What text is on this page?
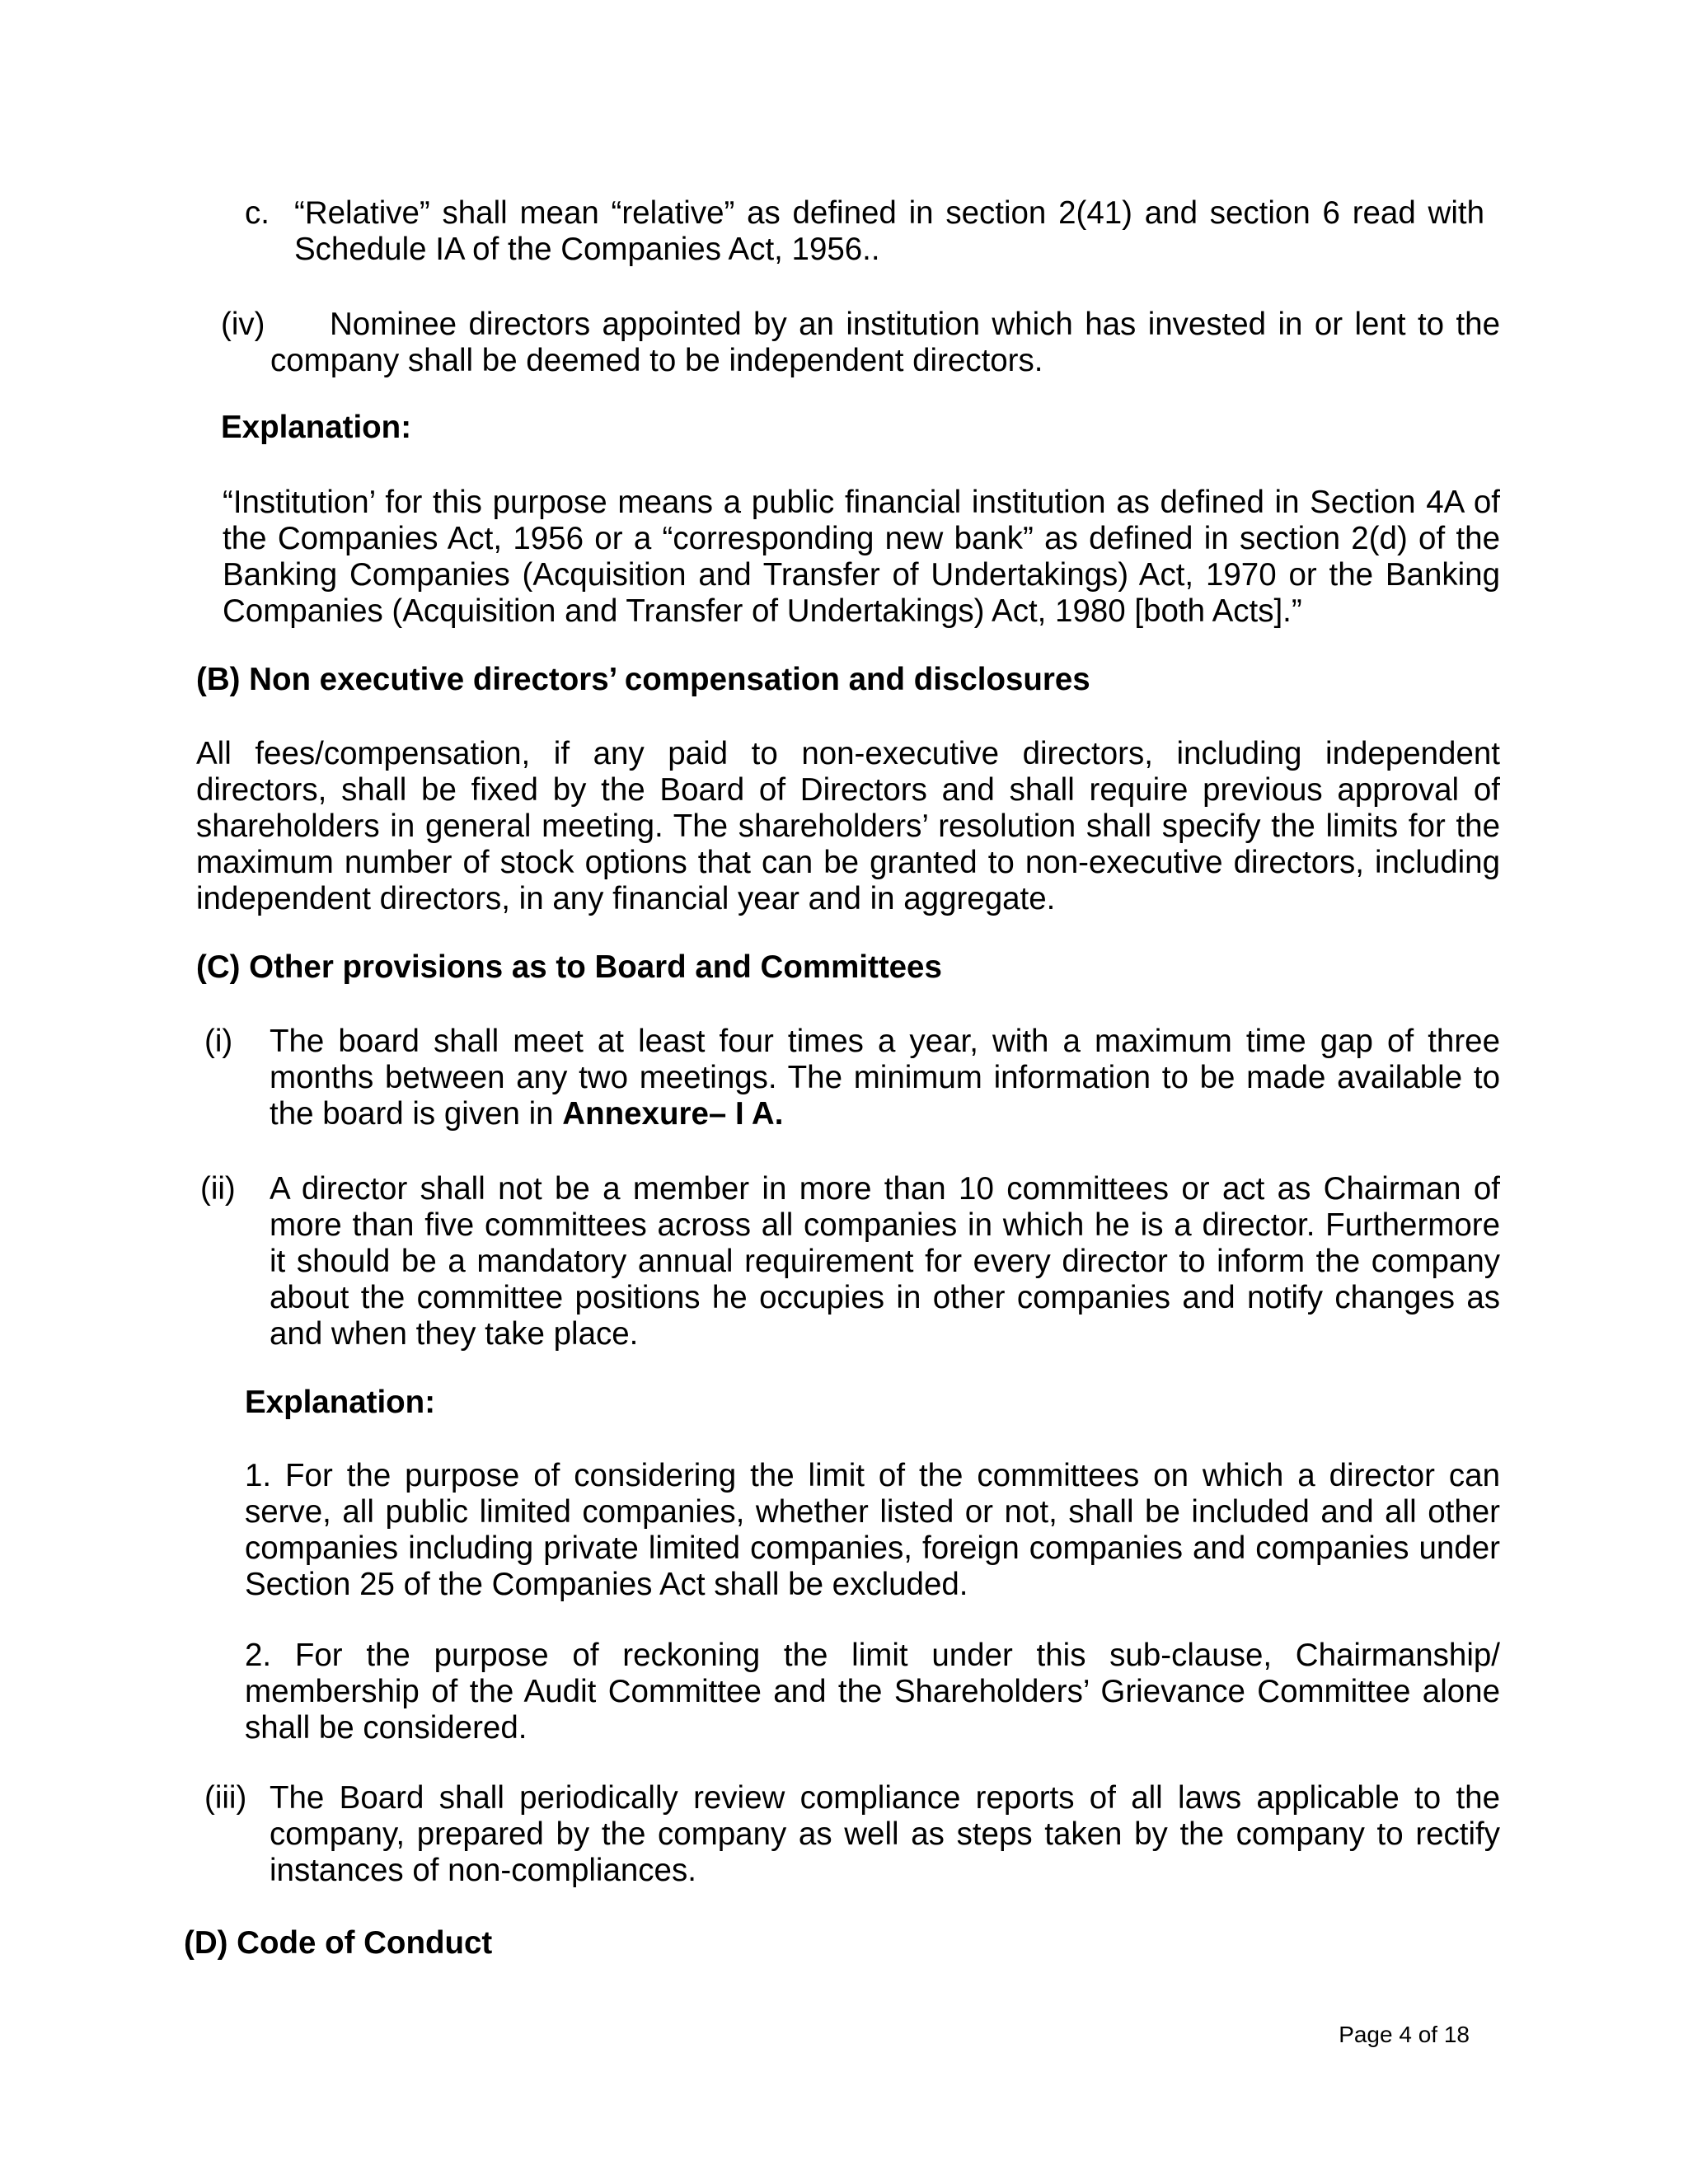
c. “Relative” shall mean “relative” as defined in section 2(41) and section 6 read with Schedule IA of the Companies Act, 1956..

(iv)	Nominee directors appointed by an institution which has invested in or lent to the company shall be deemed to be independent directors.

Explanation:

“Institution’ for this purpose means a public financial institution as defined in Section 4A of the Companies Act, 1956 or a “corresponding new bank” as defined in section 2(d) of the Banking Companies (Acquisition and Transfer of Undertakings) Act, 1970 or the Banking Companies (Acquisition and Transfer of Undertakings) Act, 1980 [both Acts].”

(B) Non executive directors’ compensation and disclosures

All fees/compensation, if any paid to non-executive directors, including independent directors, shall be fixed by the Board of Directors and shall require previous approval of shareholders in general meeting. The shareholders’ resolution shall specify the limits for the maximum number of stock options that can be granted to non-executive directors, including independent directors, in any financial year and in aggregate.

(C) Other provisions as to Board and Committees

(i) The board shall meet at least four times a year, with a maximum time gap of three months between any two meetings. The minimum information to be made available to the board is given in Annexure– I A.

(ii) A director shall not be a member in more than 10 committees or act as Chairman of more than five committees across all companies in which he is a director. Furthermore it should be a mandatory annual requirement for every director to inform the company about the committee positions he occupies in other companies and notify changes as and when they take place.

Explanation:

1. For the purpose of considering the limit of the committees on which a director can serve, all public limited companies, whether listed or not, shall be included and all other companies including private limited companies, foreign companies and companies under Section 25 of the Companies Act shall be excluded.

2. For the purpose of reckoning the limit under this sub-clause, Chairmanship/ membership of the Audit Committee and the Shareholders’ Grievance Committee alone shall be considered.

(iii) The Board shall periodically review compliance reports of all laws applicable to the company, prepared by the company as well as steps taken by the company to rectify instances of non-compliances.

(D) Code of Conduct

Page 4 of 18
